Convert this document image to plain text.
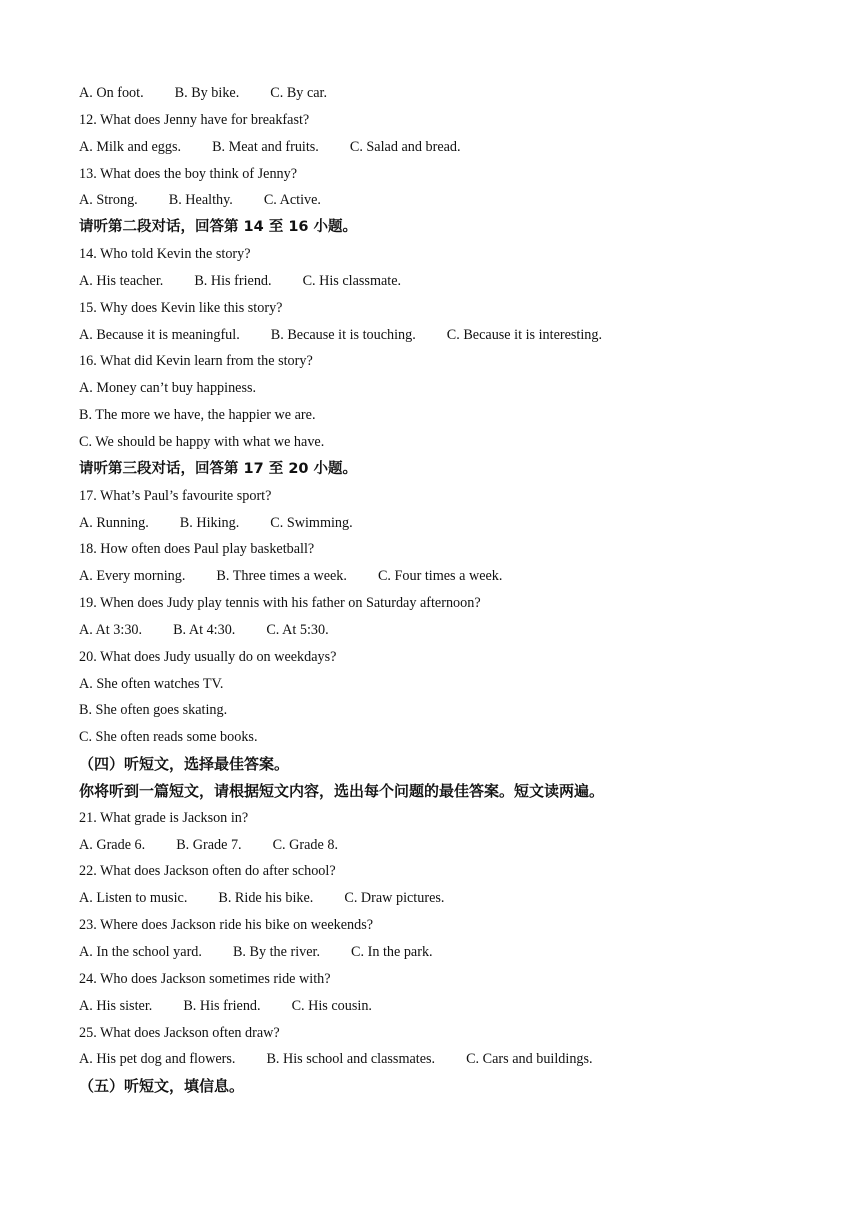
A. On foot. B. By bike. C. By car.
12. What does Jenny have for breakfast?
A. Milk and eggs. B. Meat and fruits. C. Salad and bread.
13. What does the boy think of Jenny?
A. Strong. B. Healthy. C. Active.
请听第二段对话，回答第 14 至 16 小题。
14. Who told Kevin the story?
A. His teacher. B. His friend. C. His classmate.
15. Why does Kevin like this story?
A. Because it is meaningful. B. Because it is touching. C. Because it is interesting.
16. What did Kevin learn from the story?
A. Money can’t buy happiness.
B. The more we have, the happier we are.
C. We should be happy with what we have.
请听第三段对话，回答第 17 至 20 小题。
17. What’s Paul’s favourite sport?
A. Running. B. Hiking. C. Swimming.
18. How often does Paul play basketball?
A. Every morning. B. Three times a week. C. Four times a week.
19. When does Judy play tennis with his father on Saturday afternoon?
A. At 3:30. B. At 4:30. C. At 5:30.
20. What does Judy usually do on weekdays?
A. She often watches TV.
B. She often goes skating.
C. She often reads some books.
（四）听短文，选择最佳答案。
你将听到一篇短文，请根据短文内容，选出每个问题的最佳答案。短文读两遍。
21. What grade is Jackson in?
A. Grade 6. B. Grade 7. C. Grade 8.
22. What does Jackson often do after school?
A. Listen to music. B. Ride his bike. C. Draw pictures.
23. Where does Jackson ride his bike on weekends?
A. In the school yard. B. By the river. C. In the park.
24. Who does Jackson sometimes ride with?
A. His sister. B. His friend. C. His cousin.
25. What does Jackson often draw?
A. His pet dog and flowers. B. His school and classmates. C. Cars and buildings.
（五）听短文，填信息。
